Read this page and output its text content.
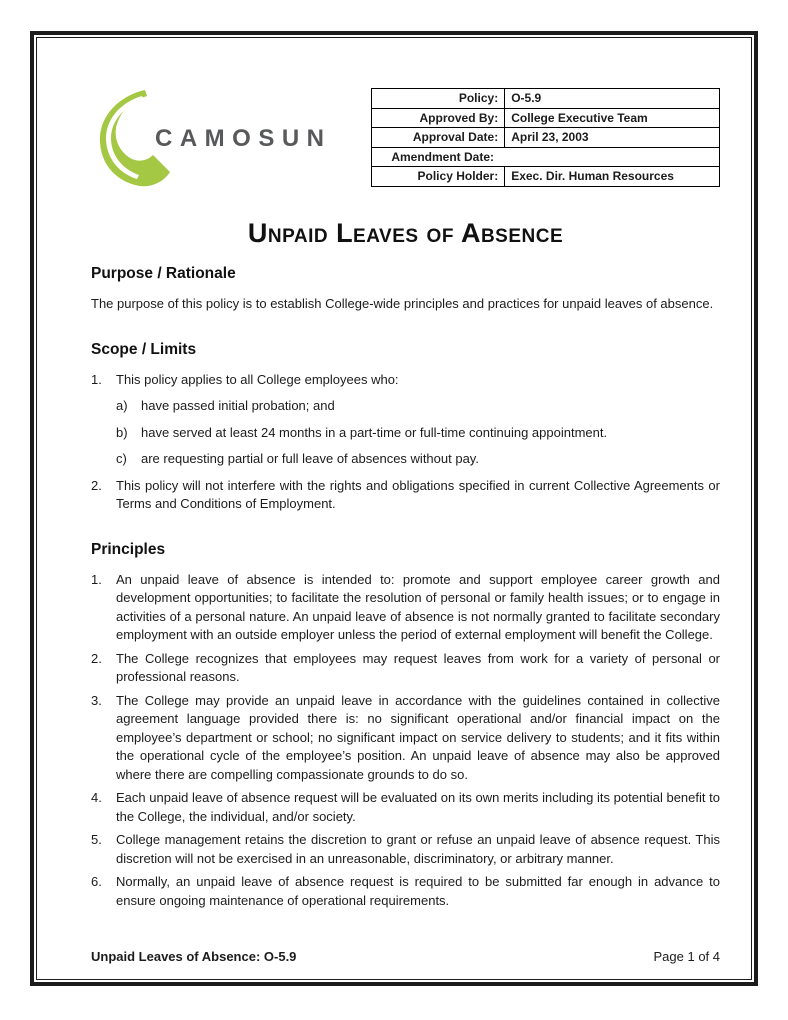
CAMOSUN
Policy:	O-5.9
Approved By:	College Executive Team
Approval Date:	April 23, 2003
Amendment Date:	
Policy Holder:	Exec. Dir. Human Resources
Unpaid Leaves of Absence
Purpose / Rationale

The purpose of this policy is to establish College-wide principles and practices for unpaid leaves of absence.

Scope / Limits
1.	This policy applies to all College employees who:
a)	have passed initial probation; and
b)	have served at least 24 months in a part-time or full-time continuing appointment.
c)	are requesting partial or full leave of absences without pay.
2.	This policy will not interfere with the rights and obligations specified in current Collective Agreements or Terms and Conditions of Employment.
Principles
1.	An unpaid leave of absence is intended to: promote and support employee career growth and development opportunities; to facilitate the resolution of personal or family health issues; or to engage in activities of a personal nature. An unpaid leave of absence is not normally granted to facilitate secondary employment with an outside employer unless the period of external employment will benefit the College.
2.	The College recognizes that employees may request leaves from work for a variety of personal or professional reasons.
3.	The College may provide an unpaid leave in accordance with the guidelines contained in collective agreement language provided there is: no significant operational and/or financial impact on the employee’s department or school; no significant impact on service delivery to students; and it fits within the operational cycle of the employee’s position. An unpaid leave of absence may also be approved where there are compelling compassionate grounds to do so.
4.	Each unpaid leave of absence request will be evaluated on its own merits including its potential benefit to the College, the individual, and/or society.
5.	College management retains the discretion to grant or refuse an unpaid leave of absence request. This discretion will not be exercised in an unreasonable, discriminatory, or arbitrary manner.
6.	Normally, an unpaid leave of absence request is required to be submitted far enough in advance to ensure ongoing maintenance of operational requirements.
Unpaid Leaves of Absence: O-5.9	Page 1 of 4
